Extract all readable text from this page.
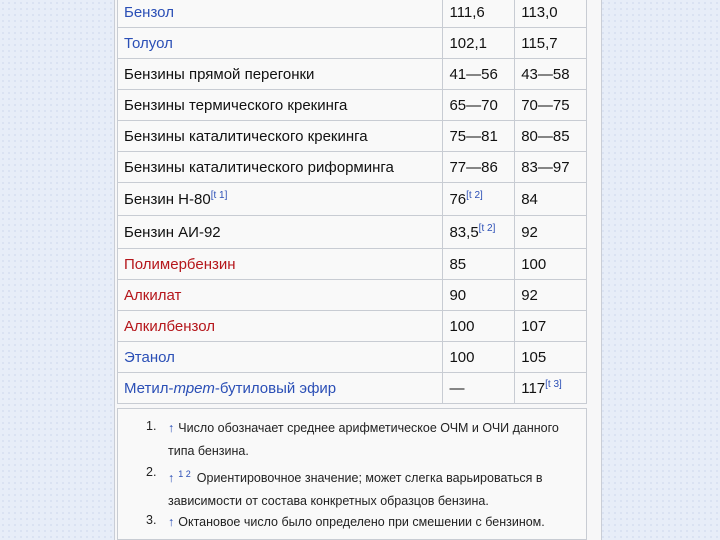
Бензол	111,6	113,0
Толуол	102,1	115,7
Бензины прямой перегонки	41—56	43—58
Бензины термического крекинга	65—70	70—75
Бензины каталитического крекинга	75—81	80—85
Бензины каталитического риформинга	77—86	83—97
Бензин Н-80[t 1]	76[t 2]	84
Бензин АИ-92	83,5[t 2]	92
Полимербензин	85	100
Алкилат	90	92
Алкилбензол	100	107
Этанол	100	105
Метил-трет-бутиловый эфир	—	117[t 3]
1. ↑ Число обозначает среднее арифметическое ОЧМ и ОЧИ данного типа бензина.
2. ↑ $^{1 2}$ Ориентировочное значение; может слегка варьироваться в зависимости от состава конкретных образцов бензина.
3. ↑ Октановое число было определено при смешении с бензином.
